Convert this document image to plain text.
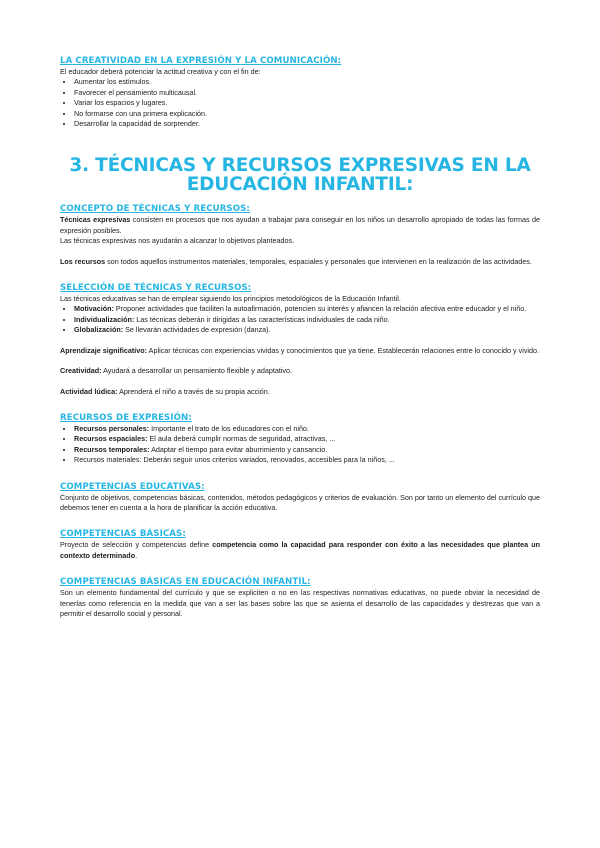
LA CREATIVIDAD EN LA EXPRESIÓN Y LA COMUNICACIÓN:

El educador deberá potenciar la actitud creativa y con el fin de:

• Aumentar los estímulos.
• Favorecer el pensamiento multicausal.
• Variar los espacios y lugares.
• No formarse con una primera explicación.
• Desarrollar la capacidad de sorprender.
3. TÉCNICAS Y RECURSOS EXPRESIVAS EN LA
EDUCACIÓN INFANTIL:
CONCEPTO DE TÉCNICAS Y RECURSOS:

Técnicas expresivas consisten en procesos que nos ayudan a trabajar para conseguir en los niños un desarrollo apropiado de todas las formas de expresión posibles.

Las técnicas expresivas nos ayudarán a alcanzar lo objetivos planteados.

Los recursos son todos aquellos instrumentos materiales, temporales, espaciales y personales que intervienen en la realización de las actividades.

SELECCIÓN DE TÉCNICAS Y RECURSOS:

Las técnicas educativas se han de emplear siguiendo los principios metodológicos de la Educación Infantil.

• Motivación: Proponer actividades que faciliten la autoafirmación, potencien su interés y afiancen la relación afectiva entre educador y el niño.
• Individualización: Las técnicas deberán ir dirigidas a las características individuales de cada niño.
• Globalización: Se llevarán actividades de expresión (danza).

Aprendizaje significativo: Aplicar técnicas con experiencias vividas y conocimientos que ya tiene. Establecerán relaciones entre lo conocido y vivido.

Creatividad: Ayudará a desarrollar un pensamiento flexible y adaptativo.

Actividad lúdica: Aprenderá el niño a través de su propia acción.

RECURSOS DE EXPRESIÓN:
• Recursos personales: Importante el trato de los educadores con el niño.
• Recursos espaciales: El aula deberá cumplir normas de seguridad, atractivas, ...
• Recursos temporales: Adaptar el tiempo para evitar aburrimiento y cansancio.
• Recursos materiales: Deberán seguir unos criterios variados, renovados, accesibles para la niños, ...
COMPETENCIAS EDUCATIVAS:

Conjunto de objetivos, competencias básicas, contenidos, métodos pedagógicos y criterios de evaluación. Son por tanto un elemento del currículo que debemos tener en cuenta a la hora de planificar la acción educativa.

COMPETENCIAS BÁSICAS:

Proyecto de selección y competencias define competencia como la capacidad para responder con éxito a las necesidades que plantea un contexto determinado.

COMPETENCIAS BÁSICAS EN EDUCACIÓN INFANTIL:

Son un elemento fundamental del currículo y que se expliciten o no en las respectivas normativas educativas, no puede obviar la necesidad de tenerlas como referencia en la medida que van a ser las bases sobre las que se asienta el desarrollo de las capacidades y destrezas que van a permitir el desarrollo social y personal.
